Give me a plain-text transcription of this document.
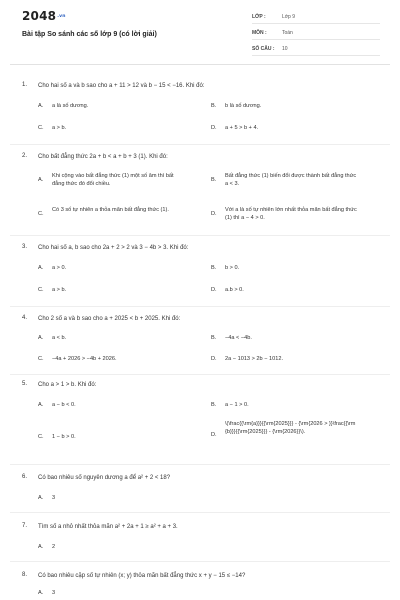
2048.vn
Bài tập So sánh các số lớp 9 (có lời giải)
LỚP :	Lớp 9
MÔN :	Toán
SỐ CÂU :	10
1. Cho hai số a và b sao cho a + 11 > 12 và b − 15 < −16. Khi đó:
A.	a là số dương.	B.	b là số dương.
C.	a > b.	D.	a + 5 > b + 4.
2. Cho bất đẳng thức 2a + b < a + b + 3 (1). Khi đó:
A.
Khi cộng vào bất đẳng thức (1) một số âm thì bất đẳng thức đó đổi chiều.
B.
Bất đẳng thức (1) biến đổi được thành bất đẳng thức a < 3.
C.
Có 3 số tự nhiên a thỏa mãn bất đẳng thức (1).
D.
Với a là số tự nhiên lớn nhất thỏa mãn bất đẳng thức (1) thì a − 4 > 0.
3. Cho hai số a, b sao cho 2a + 2 > 2 và 3 − 4b > 3. Khi đó:
A.	a > 0.	B.	b > 0.
C.	a > b.	D.	a.b > 0.
4. Cho 2 số a và b sao cho a + 2025 < b + 2025. Khi đó:
A.	a < b.	B.	−4a < −4b.
C.	−4a + 2026 > −4b + 2026.	D.	2a − 1013 > 2b − 1012.
5. Cho a > 1 > b. Khi đó:
A.	a − b < 0.	B.	a − 1 > 0.
C.	1 − b > 0.	D.
\(\frac{{\rm{a}}}{{\rm{2025}}} - {\rm{2026 > }}\frac{{\rm{b}}}{{\rm{2025}}} - {\rm{2026}}\).
6. Có bao nhiêu số nguyên dương a để a² + 2 < 18?
A.	3
7. Tìm số a nhỏ nhất thỏa mãn a² + 2a + 1 ≥ a² + a + 3.
A.	2
8. Có bao nhiêu cặp số tự nhiên (x; y) thỏa mãn bất đẳng thức x + y − 15 ≤ −14?
A.	3
